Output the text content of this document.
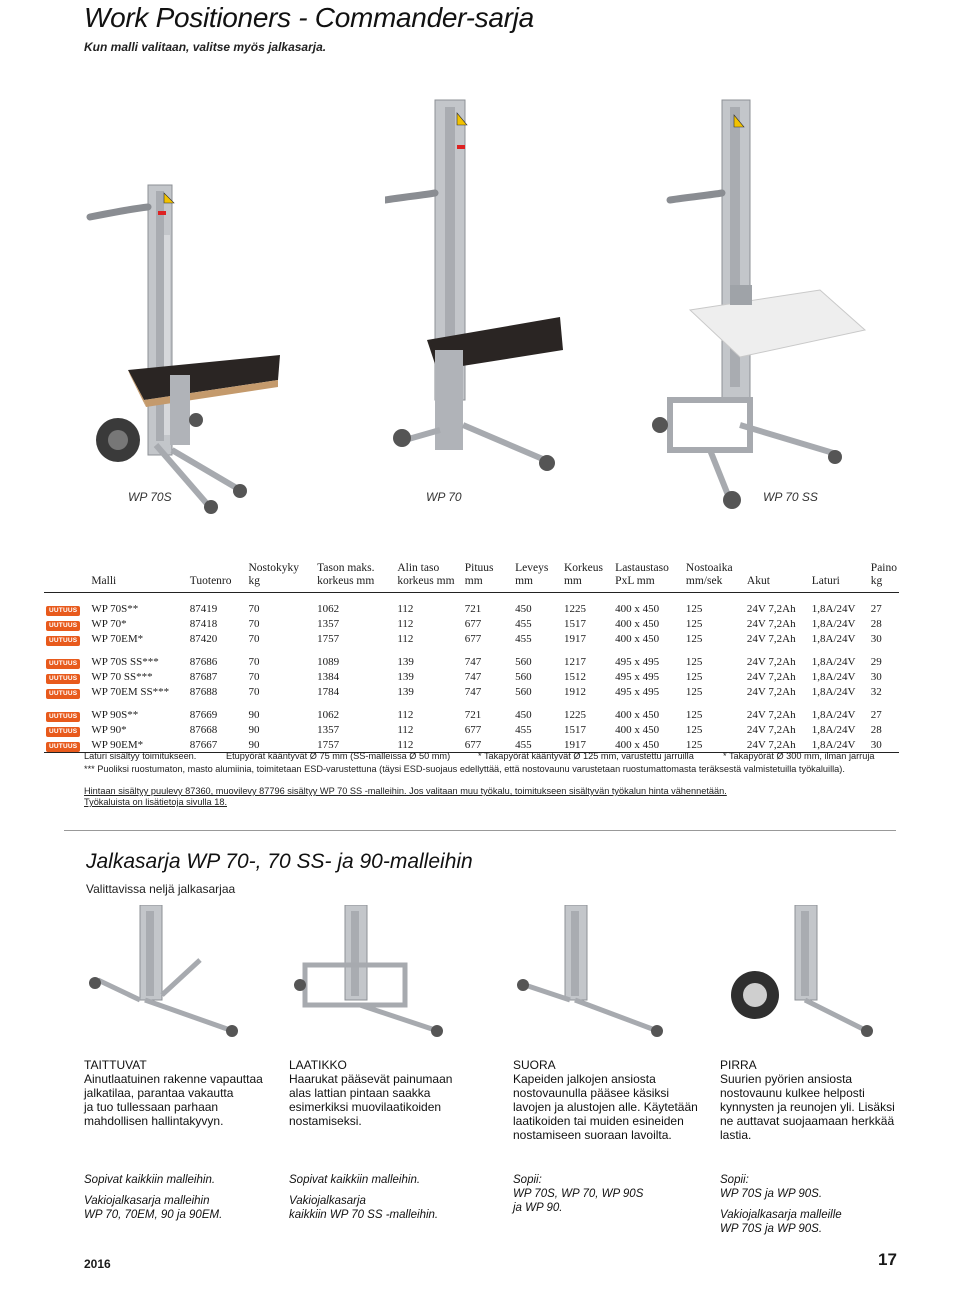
Work Positioners - Commander-sarja
Kun malli valitaan, valitse myös jalkasarja.
WP 70S	WP 70	WP 70 SS
	Malli	Tuotenro	Nostokyky kg	Tason maks. korkeus mm	Alin taso korkeus mm	Pituus mm	Leveys mm	Korkeus mm	Lastaustaso PxL mm	Nostoaika mm/sek	Akut	Laturi	Paino kg
UUTUUS	WP 70S**	87419	70	1062	112	721	450	1225	400 x 450	125	24V 7,2Ah	1,8A/24V	27
UUTUUS	WP 70*	87418	70	1357	112	677	455	1517	400 x 450	125	24V 7,2Ah	1,8A/24V	28
UUTUUS	WP 70EM*	87420	70	1757	112	677	455	1917	400 x 450	125	24V 7,2Ah	1,8A/24V	30
UUTUUS	WP 70S SS***	87686	70	1089	139	747	560	1217	495 x 495	125	24V 7,2Ah	1,8A/24V	29
UUTUUS	WP 70 SS***	87687	70	1384	139	747	560	1512	495 x 495	125	24V 7,2Ah	1,8A/24V	30
UUTUUS	WP 70EM SS***	87688	70	1784	139	747	560	1912	495 x 495	125	24V 7,2Ah	1,8A/24V	32
UUTUUS	WP 90S**	87669	90	1062	112	721	450	1225	400 x 450	125	24V 7,2Ah	1,8A/24V	27
UUTUUS	WP 90*	87668	90	1357	112	677	455	1517	400 x 450	125	24V 7,2Ah	1,8A/24V	28
UUTUUS	WP 90EM*	87667	90	1757	112	677	455	1917	400 x 450	125	24V 7,2Ah	1,8A/24V	30
Laturi sisältyy toimitukseen.	Etupyörät kääntyvät Ø 75 mm (SS-malleissa Ø 50 mm)	* Takapyörät kääntyvät Ø 125 mm, varustettu jarruilla	* Takapyörät Ø 300 mm, ilman jarruja
*** Puoliksi ruostumaton, masto alumiinia, toimitetaan ESD-varustettuna (täysi ESD-suojaus edellyttää, että nostovaunu varustetaan ruostumattomasta teräksestä valmistetuilla työkaluilla).
Hintaan sisältyy puulevy 87360, muovilevy 87796 sisältyy WP 70 SS -malleihin. Jos valitaan muu työkalu, toimitukseen sisältyvän työkalun hinta vähennetään.
Työkaluista on lisätietoja sivulla 18.
Jalkasarja WP 70-, 70 SS- ja 90-malleihin
Valittavissa neljä jalkasarjaa
TAITTUVAT
Ainutlaatuinen rakenne vapauttaa
jalkatilaa, parantaa vakautta
ja tuo tullessaan parhaan
mahdollisen hallintakyvyn.
LAATIKKO
Haarukat pääsevät painumaan
alas lattian pintaan saakka
esimerkiksi muovilaatikoiden
nostamiseksi.
SUORA
Kapeiden jalkojen ansiosta
nostovaunulla pääsee käsiksi
lavojen ja alustojen alle. Käytetään
laatikoiden tai muiden esineiden
nostamiseen suoraan lavoilta.
PIRRA
Suurien pyörien ansiosta
nostovaunu kulkee helposti
kynnysten ja reunojen yli. Lisäksi
ne auttavat suojaamaan herkkää
lastia.
Sopivat kaikkiin malleihin.
Vakiojalkasarja malleihin
WP 70, 70EM, 90 ja 90EM.
Sopivat kaikkiin malleihin.
Vakiojalkasarja
kaikkiin WP 70 SS -malleihin.
Sopii:
WP 70S, WP 70, WP 90S
ja WP 90.
Sopii:
WP 70S ja WP 90S.
Vakiojalkasarja malleille
WP 70S ja WP 90S.
2016	17
